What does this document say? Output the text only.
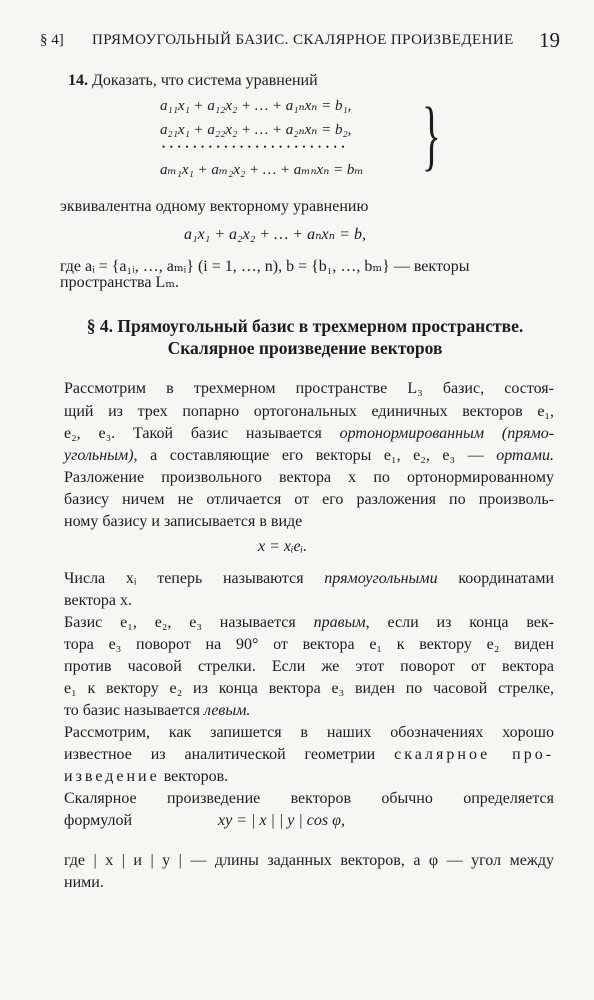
§ 4] ПРЯМОУГОЛЬНЫЙ БАЗИС. СКАЛЯРНОЕ ПРОИЗВЕДЕНИЕ 19
14. Доказать, что система уравнений
a₁₁x₁ + a₁₂x₂ + … + a₁ₙxₙ = b₁,
a₂₁x₁ + a₂₂x₂ + … + a₂ₙxₙ = b₂,
• • • • • • • • • • • • • • • • • • • • • • • •
aₘ₁x₁ + aₘ₂x₂ + … + aₘₙxₙ = bₘ }
эквивалентна одному векторному уравнению
a₁x₁ + a₂x₂ + … + aₙxₙ = b,
где aᵢ = {a₁ᵢ, …, aₘᵢ} (i = 1, …, n), b = {b₁, …, bₘ} — векторы
пространства Lₘ.
§ 4. Прямоугольный базис в трехмерном пространстве.
Скалярное произведение векторов
Рассмотрим в трехмерном пространстве L₃ базис, состоя-
щий из трех попарно ортогональных единичных векторов e₁,
e₂, e₃. Такой базис называется ортонормированным (прямо-
угольным), а составляющие его векторы e₁, e₂, e₃ — ортами.
Разложение произвольного вектора x по ортонормированному
базису ничем не отличается от его разложения по произволь-
ному базису и записывается в виде
x = xᵢeᵢ.
Числа xᵢ теперь называются прямоугольными координатами
вектора x.
Базис e₁, e₂, e₃ называется правым, если из конца век-
тора e₃ поворот на 90° от вектора e₁ к вектору e₂ виден
против часовой стрелки. Если же этот поворот от вектора
e₁ к вектору e₂ из конца вектора e₃ виден по часовой стрелке,
то базис называется левым.
Рассмотрим, как запишется в наших обозначениях хорошо
известное из аналитической геометрии скалярное про-
изведение векторов.
Скалярное произведение векторов обычно определяется
формулой	xy = | x | | y | cos φ,
где | x | и | y | — длины заданных векторов, а φ — угол между
ними.
